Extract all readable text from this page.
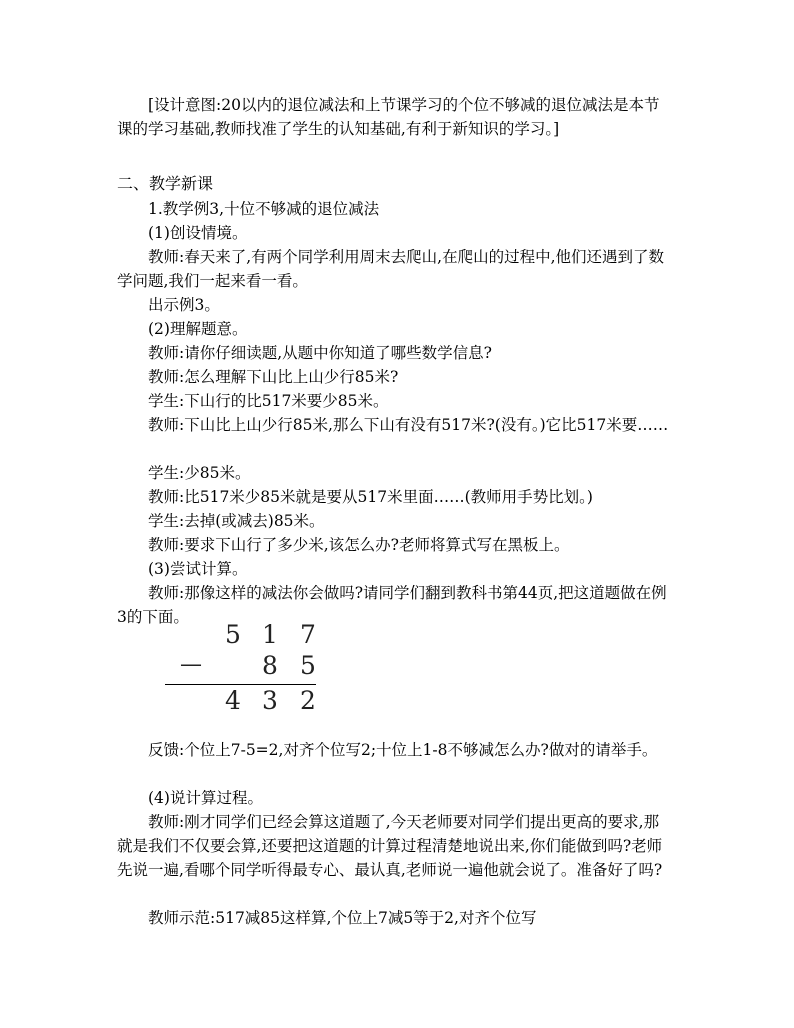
[设计意图:20以内的退位减法和上节课学习的个位不够减的退位减法是本节课的学习基础,教师找准了学生的认知基础,有利于新知识的学习。]
二、教学新课
1.教学例3,十位不够减的退位减法
(1)创设情境。
教师:春天来了,有两个同学利用周末去爬山,在爬山的过程中,他们还遇到了数学问题,我们一起来看一看。
出示例3。
(2)理解题意。
教师:请你仔细读题,从题中你知道了哪些数学信息?
教师:怎么理解下山比上山少行85米?
学生:下山行的比517米要少85米。
教师:下山比上山少行85米,那么下山有没有517米?(没有。)它比517米要……
学生:少85米。
教师:比517米少85米就是要从517米里面……(教师用手势比划。)
学生:去掉(或减去)85米。
教师:要求下山行了多少米,该怎么办?老师将算式写在黑板上。
(3)尝试计算。
教师:那像这样的减法你会做吗?请同学们翻到教科书第44页,把这道题做在例3的下面。
5 1 7
— 8 5
4 3 2
反馈:个位上7-5=2,对齐个位写2;十位上1-8不够减怎么办?做对的请举手。
(4)说计算过程。
教师:刚才同学们已经会算这道题了,今天老师要对同学们提出更高的要求,那就是我们不仅要会算,还要把这道题的计算过程清楚地说出来,你们能做到吗?老师先说一遍,看哪个同学听得最专心、最认真,老师说一遍他就会说了。准备好了吗?
教师示范:517减85这样算,个位上7减5等于2,对齐个位写
